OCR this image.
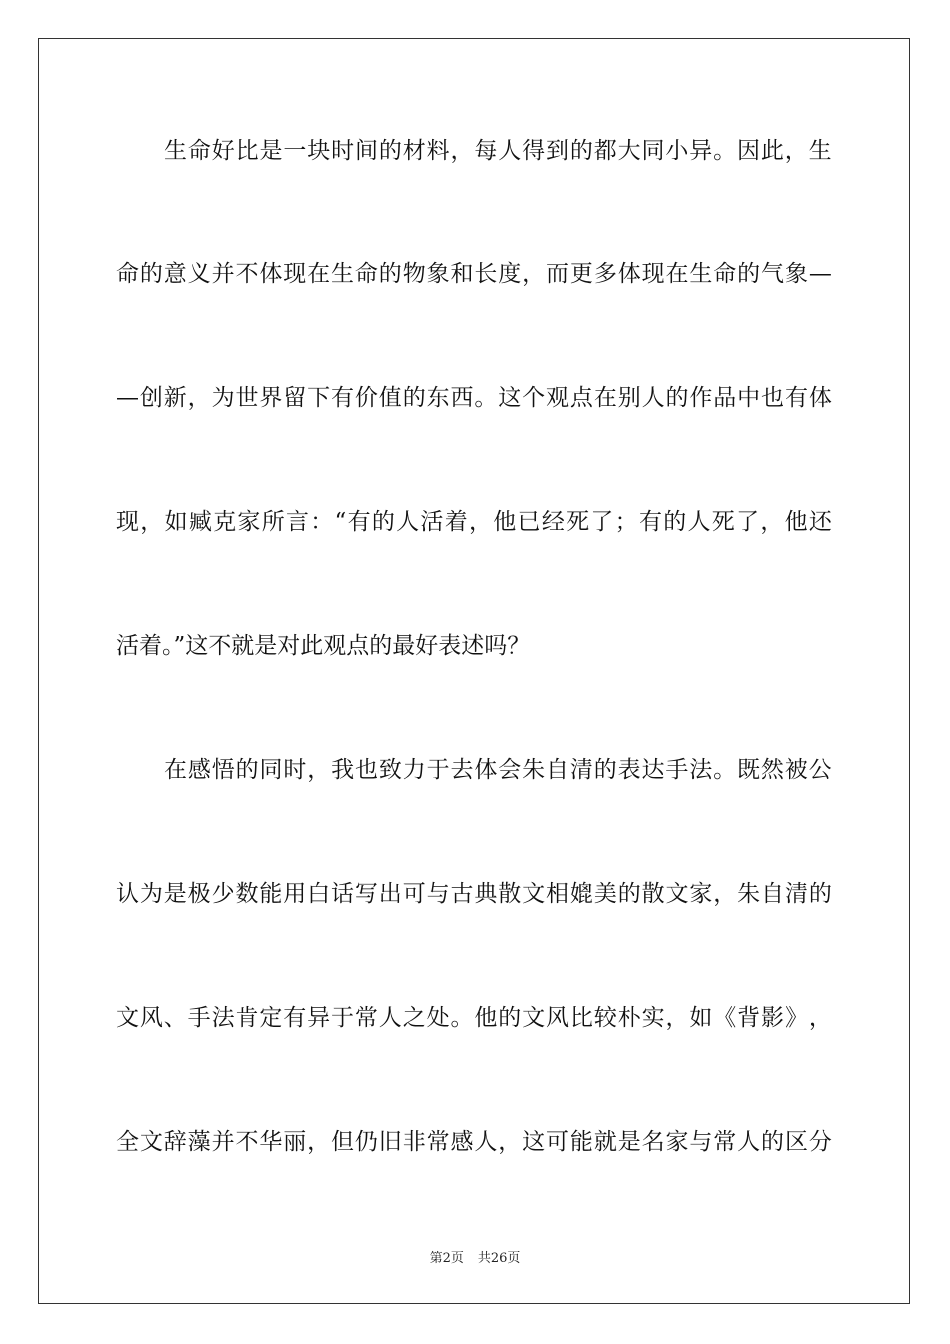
生 命 好 比 是 一 块 时 间 的 材 料 ， 每 人 得 到 的 都 大 同 小 异 。 因 此 ， 生
命 的 意 义 并 不 体 现 在 生 命 的 物 象 和 长 度 ， 而 更 多 体 现 在 生 命 的 气 象 —
— 创 新 ， 为 世 界 留 下 有 价 值 的 东 西 。 这 个 观 点 在 别 人 的 作 品 中 也 有 体
现 ， 如 臧 克 家 所 言 ： “ 有 的 人 活 着 ， 他 已 经 死 了 ； 有 的 人 死 了 ， 他 还
活着。”这不就是对此观点的最好表述吗？
在 感 悟 的 同 时 ， 我 也 致 力 于 去 体 会 朱 自 清 的 表 达 手 法 。 既 然 被 公
认 为 是 极 少 数 能 用 白 话 写 出 可 与 古 典 散 文 相 媲 美 的 散 文 家 ， 朱 自 清 的
文 风 、 手 法 肯 定 有 异 于 常 人 之 处 。 他 的 文 风 比 较 朴 实 ， 如 《 背 影 》 ，
全 文 辞 藻 并 不 华 丽 ， 但 仍 旧 非 常 感 人 ， 这 可 能 就 是 名 家 与 常 人 的 区 分
第2页 共26页
